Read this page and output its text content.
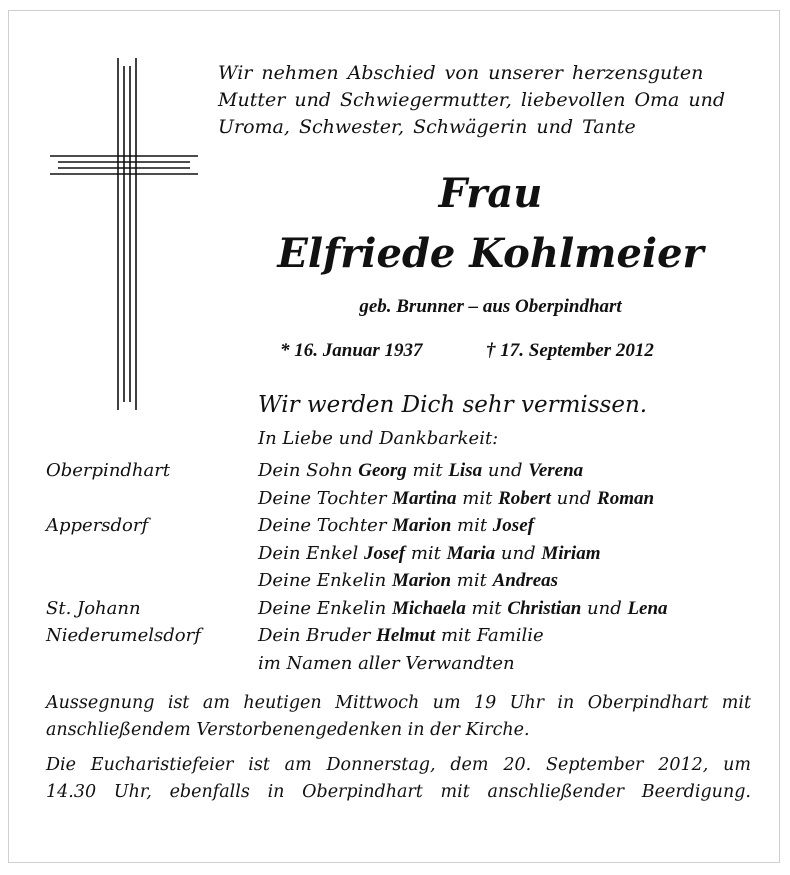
Wir nehmen Abschied von unserer herzensguten
Mutter und Schwiegermutter, liebevollen Oma und
Uroma, Schwester, Schwägerin und Tante
Frau
Elfriede Kohlmeier
geb. Brunner – aus Oberpindhart
* 16. Januar 1937	† 17. September 2012
Wir werden Dich sehr vermissen.
In Liebe und Dankbarkeit:
Oberpindhart	Dein Sohn Georg mit Lisa und Verena
Deine Tochter Martina mit Robert und Roman
Appersdorf	Deine Tochter Marion mit Josef
Dein Enkel Josef mit Maria und Miriam
Deine Enkelin Marion mit Andreas
St. Johann	Deine Enkelin Michaela mit Christian und Lena
Niederumelsdorf	Dein Bruder Helmut mit Familie
im Namen aller Verwandten
Aussegnung ist am heutigen Mittwoch um 19 Uhr in Oberpindhart mit
anschließendem Verstorbenengedenken in der Kirche.
Die Eucharistiefeier ist am Donnerstag, dem 20. September 2012, um
14.30 Uhr, ebenfalls in Oberpindhart mit anschließender Beerdigung.
